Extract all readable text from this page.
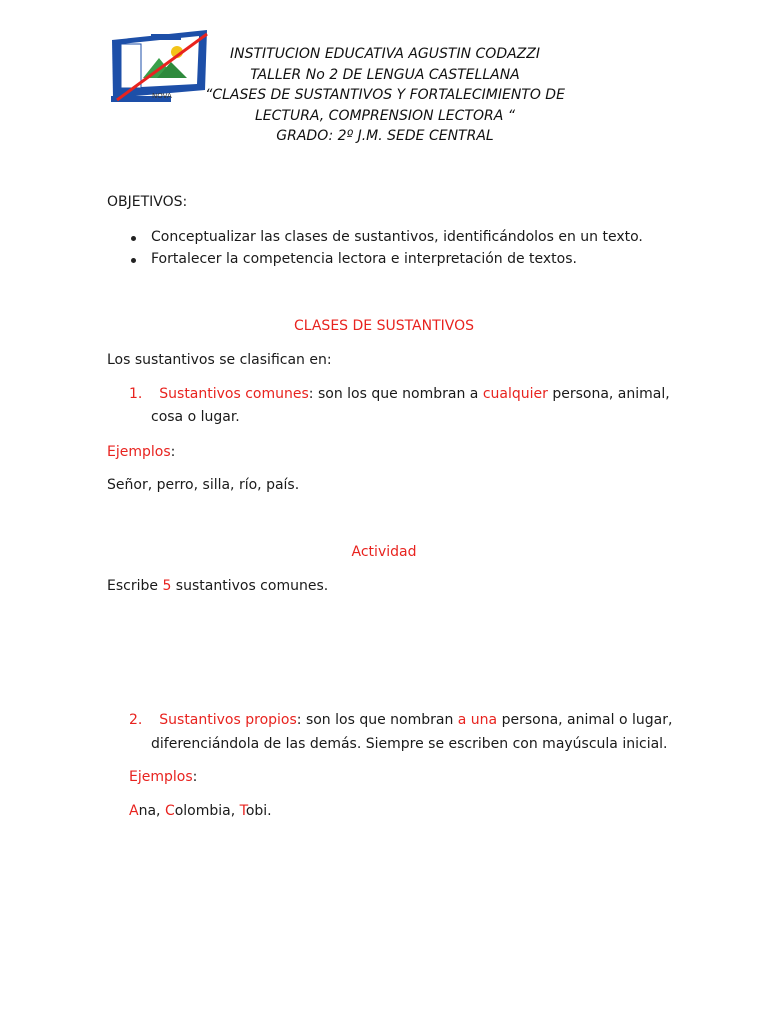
NOVA
INSTITUCION EDUCATIVA AGUSTIN CODAZZI
TALLER No 2 DE LENGUA CASTELLANA
“CLASES DE SUSTANTIVOS Y FORTALECIMIENTO DE
LECTURA, COMPRENSION LECTORA “
GRADO: 2º J.M. SEDE CENTRAL
OBJETIVOS:
Conceptualizar las clases de sustantivos, identificándolos en un texto.
Fortalecer la competencia lectora e interpretación de textos.
CLASES DE SUSTANTIVOS
Los sustantivos se clasifican en:
1. Sustantivos comunes: son los que nombran a cualquier persona, animal,
cosa o lugar.
Ejemplos:
Señor, perro, silla, río, país.
Actividad
Escribe 5 sustantivos comunes.
2. Sustantivos propios: son los que nombran a una persona, animal o lugar,
diferenciándola de las demás. Siempre se escriben con mayúscula inicial.
Ejemplos:
Ana, Colombia, Tobi.
